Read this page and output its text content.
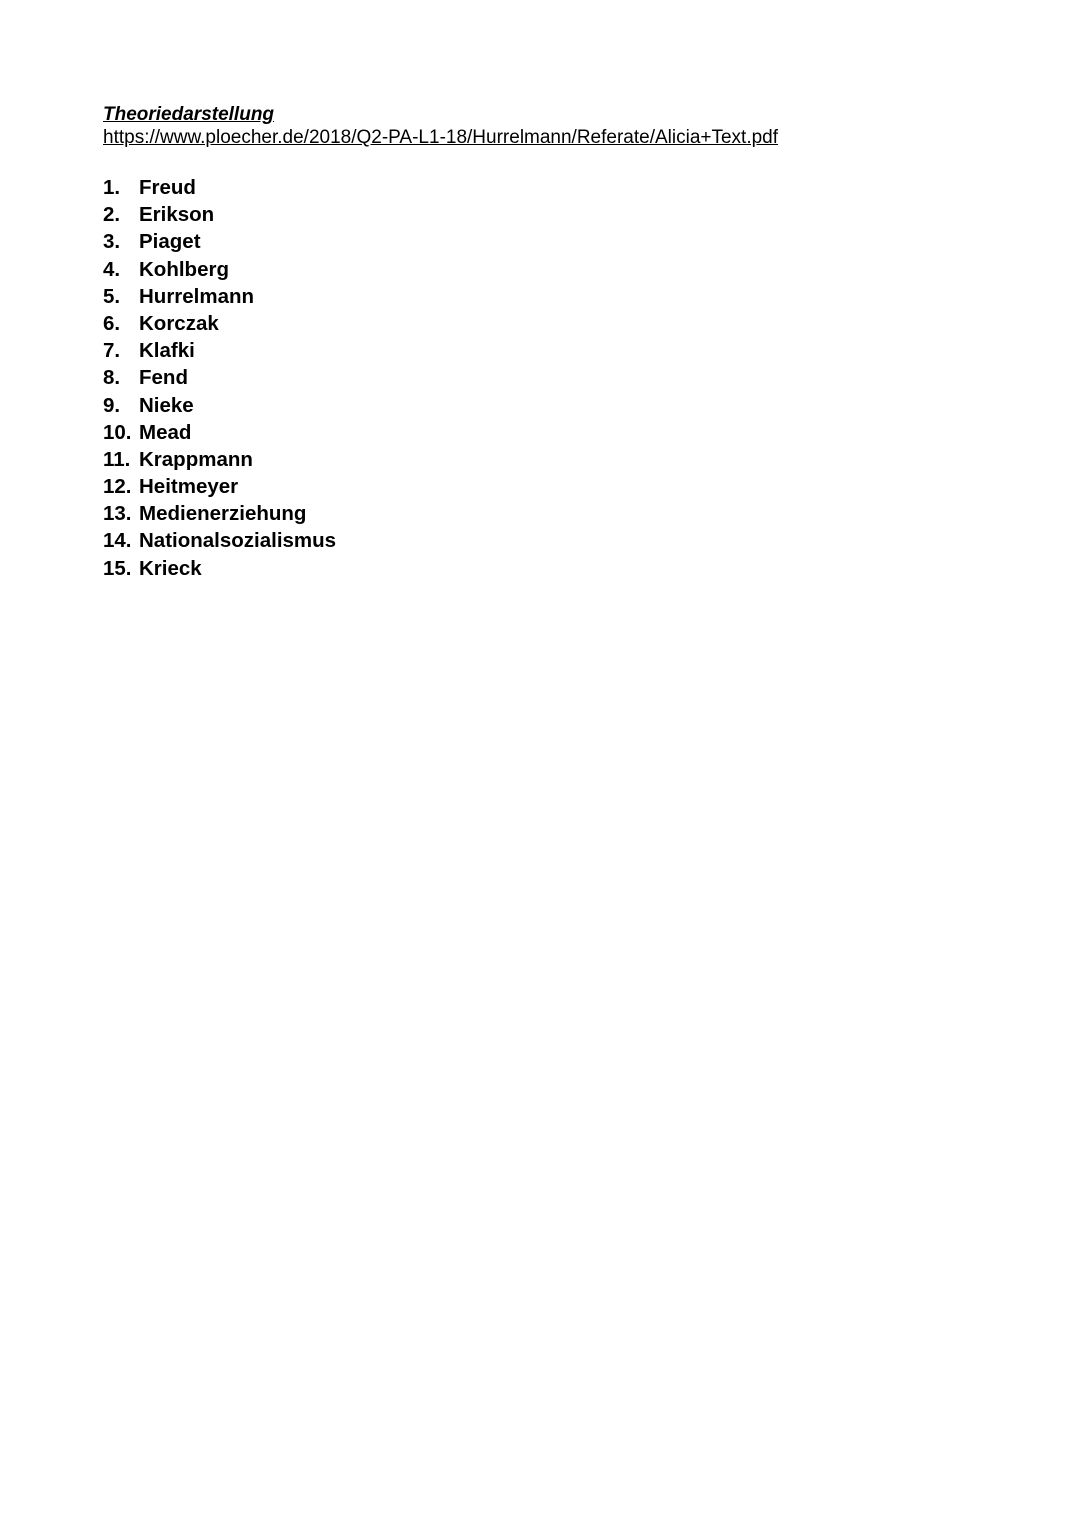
Theoriedarstellung
https://www.ploecher.de/2018/Q2-PA-L1-18/Hurrelmann/Referate/Alicia+Text.pdf
1. Freud
2. Erikson
3. Piaget
4. Kohlberg
5. Hurrelmann
6. Korczak
7. Klafki
8. Fend
9. Nieke
10. Mead
11. Krappmann
12. Heitmeyer
13. Medienerziehung
14. Nationalsozialismus
15. Krieck
